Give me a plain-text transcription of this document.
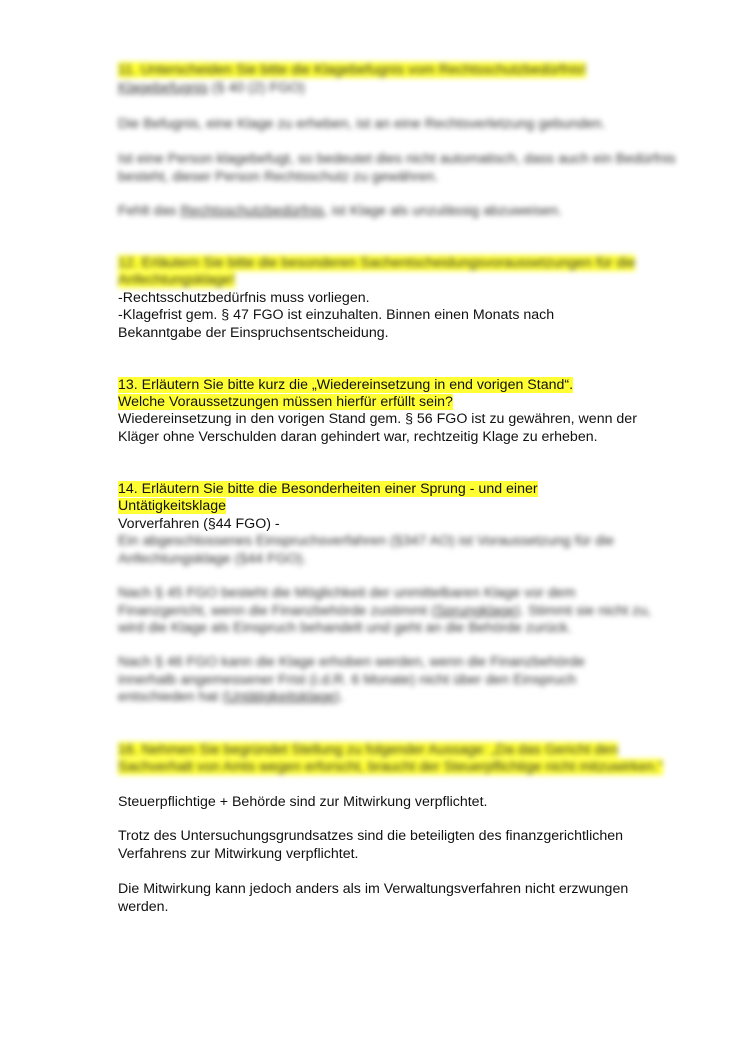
11. Unterscheiden Sie bitte die Klagebefugnis vom Rechtsschutzbedürfnis!

Klagebefugnis (§ 40 (2) FGO)
Die Befugnis, eine Klage zu erheben, ist an eine Rechtsverletzung gebunden.
Ist eine Person klagebefugt, so bedeutet dies nicht automatisch, dass auch ein Bedürfnis besteht, dieser Person Rechtsschutz zu gewähren.
Fehlt das Rechtsschutzbedürfnis, ist Klage als unzulässig abzuweisen.

12. Erläutern Sie bitte die besonderen Sachentscheidungsvoraussetzungen für die Anfechtungsklage!

-Rechtsschutzbedürfnis muss vorliegen.
-Klagefrist gem. § 47 FGO ist einzuhalten. Binnen einen Monats nach Bekanntgabe der Einspruchsentscheidung.

13. Erläutern Sie bitte kurz die „Wiedereinsetzung in end vorigen Stand“. Welche Voraussetzungen müssen hierfür erfüllt sein?

Wiedereinsetzung in den vorigen Stand gem. § 56 FGO ist zu gewähren, wenn der Kläger ohne Verschulden daran gehindert war, rechtzeitig Klage zu erheben.

14. Erläutern Sie bitte die Besonderheiten einer Sprung - und einer Untätigkeitsklage

Vorverfahren (§44 FGO) -
Ein abgeschlossenes Einspruchsverfahren (§347 AO) ist Voraussetzung für die Anfechtungsklage (§44 FGO).
Nach § 45 FGO besteht die Möglichkeit der unmittelbaren Klage vor dem Finanzgericht, wenn die Finanzbehörde zustimmt (Sprungklage). Stimmt sie nicht zu, wird die Klage als Einspruch behandelt und geht an die Behörde zurück.
Nach § 46 FGO kann die Klage erhoben werden, wenn die Finanzbehörde innerhalb angemessener Frist (i.d.R. 6 Monate) nicht über den Einspruch entschieden hat (Untätigkeitsklage).

16. Nehmen Sie begründet Stellung zu folgender Aussage: „Da das Gericht den Sachverhalt von Amts wegen erforscht, braucht der Steuerpflichtige nicht mitzuwirken.“

Steuerpflichtige + Behörde sind zur Mitwirkung verpflichtet.
Trotz des Untersuchungsgrundsatzes sind die beteiligten des finanzgerichtlichen Verfahrens zur Mitwirkung verpflichtet.
Die Mitwirkung kann jedoch anders als im Verwaltungsverfahren nicht erzwungen werden.
